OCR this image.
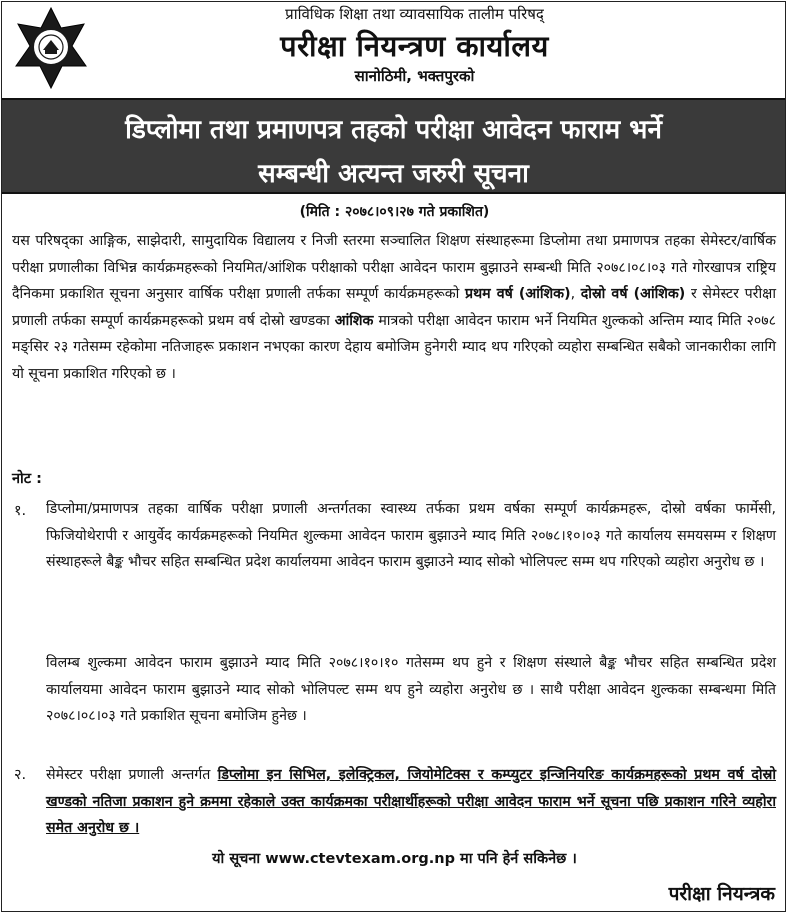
प्राविधिक शिक्षा तथा व्यावसायिक तालीम परिषद्
परीक्षा नियन्त्रण कार्यालय
सानोठिमी, भक्तपुरको
डिप्लोमा तथा प्रमाणपत्र तहको परीक्षा आवेदन फाराम भर्ने
सम्बन्धी अत्यन्त जरुरी सूचना
(मिति : २०७८।०९।२७ गते प्रकाशित)
यस परिषद्का आङ्गिक, साझेदारी, सामुदायिक विद्यालय र निजी स्तरमा सञ्चालित शिक्षण संस्थाहरूमा डिप्लोमा तथा प्रमाणपत्र तहका सेमेस्टर/वार्षिक परीक्षा प्रणालीका विभिन्न कार्यक्रमहरूको नियमित/आंशिक परीक्षाको परीक्षा आवेदन फाराम बुझाउने सम्बन्धी मिति २०७८।०८।०३ गते गोरखापत्र राष्ट्रिय दैनिकमा प्रकाशित सूचना अनुसार वार्षिक परीक्षा प्रणाली तर्फका सम्पूर्ण कार्यक्रमहरूको प्रथम वर्ष (आंशिक), दोस्रो वर्ष (आंशिक) र सेमेस्टर परीक्षा प्रणाली तर्फका सम्पूर्ण कार्यक्रमहरूको प्रथम वर्ष दोस्रो खण्डका आंशिक मात्रको परीक्षा आवेदन फाराम भर्ने नियमित शुल्कको अन्तिम म्याद मिति २०७८ मङ्सिर २३ गतेसम्म रहेकोमा नतिजाहरू प्रकाशन नभएका कारण देहाय बमोजिम हुनेगरी म्याद थप गरिएको व्यहोरा सम्बन्धित सबैको जानकारीका लागि यो सूचना प्रकाशित गरिएको छ ।
नोट :
१. डिप्लोमा/प्रमाणपत्र तहका वार्षिक परीक्षा प्रणाली अन्तर्गतका स्वास्थ्य तर्फका प्रथम वर्षका सम्पूर्ण कार्यक्रमहरू, दोस्रो वर्षका फार्मेसी, फिजियोथेरापी र आयुर्वेद कार्यक्रमहरूको नियमित शुल्कमा आवेदन फाराम बुझाउने म्याद मिति २०७८।१०।०३ गते कार्यालय समयसम्म र शिक्षण संस्थाहरूले बैङ्क भौचर सहित सम्बन्धित प्रदेश कार्यालयमा आवेदन फाराम बुझाउने म्याद सोको भोलिपल्ट सम्म थप गरिएको व्यहोरा अनुरोध छ ।
विलम्ब शुल्कमा आवेदन फाराम बुझाउने म्याद मिति २०७८।१०।१० गतेसम्म थप हुने र शिक्षण संस्थाले बैङ्क भौचर सहित सम्बन्धित प्रदेश कार्यालयमा आवेदन फाराम बुझाउने म्याद सोको भोलिपल्ट सम्म थप हुने व्यहोरा अनुरोध छ । साथै परीक्षा आवेदन शुल्कका सम्बन्धमा मिति २०७८।०८।०३ गते प्रकाशित सूचना बमोजिम हुनेछ ।
२. सेमेस्टर परीक्षा प्रणाली अन्तर्गत डिप्लोमा इन सिभिल, इलेक्ट्रिकल, जियोमेटिक्स र कम्प्युटर इन्जिनियरिङ कार्यक्रमहरूको प्रथम वर्ष दोस्रो खण्डको नतिजा प्रकाशन हुने क्रममा रहेकाले उक्त कार्यक्रमका परीक्षार्थीहरूको परीक्षा आवेदन फाराम भर्ने सूचना पछि प्रकाशन गरिने व्यहोरा समेत अनुरोध छ ।
यो सूचना www.ctevtexam.org.np मा पनि हेर्न सकिनेछ ।
परीक्षा नियन्त्रक
